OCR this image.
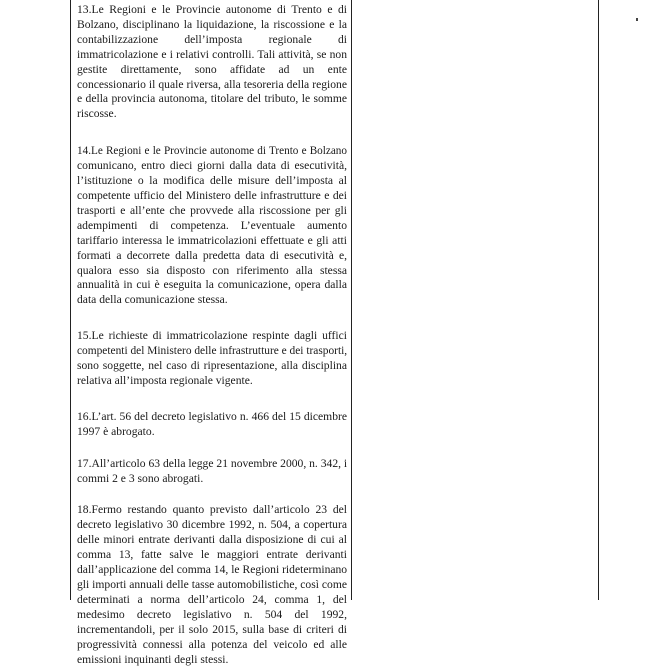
13.Le Regioni e le Provincie autonome di Trento e di
Bolzano, disciplinano la liquidazione, la riscossione e la
contabilizzazione dell’imposta regionale di
immatricolazione e i relativi controlli. Tali attività, se non
gestite direttamente, sono affidate ad un ente
concessionario il quale riversa, alla tesoreria della regione
e della provincia autonoma, titolare del tributo, le somme
riscosse.

14.Le Regioni e le Provincie autonome di Trento e Bolzano
comunicano, entro dieci giorni dalla data di esecutività,
l’istituzione o la modifica delle misure dell’imposta al
competente ufficio del Ministero delle infrastrutture e dei
trasporti e all’ente che provvede alla riscossione per gli
adempimenti di competenza. L’eventuale aumento
tariffario interessa le immatricolazioni effettuate e gli atti
formati a decorrete dalla predetta data di esecutività e,
qualora esso sia disposto con riferimento alla stessa
annualità in cui è eseguita la comunicazione, opera dalla
data della comunicazione stessa.

15.Le richieste di immatricolazione respinte dagli uffici
competenti del Ministero delle infrastrutture e dei trasporti,
sono soggette, nel caso di ripresentazione, alla disciplina
relativa all’imposta regionale vigente.

16.L’art. 56 del decreto legislativo n. 466 del 15 dicembre
1997 è abrogato.

17.All’articolo 63 della legge 21 novembre 2000, n. 342, i
commi 2 e 3 sono abrogati.

18.Fermo restando quanto previsto dall’articolo 23 del
decreto legislativo 30 dicembre 1992, n. 504, a copertura
delle minori entrate derivanti dalla disposizione di cui al
comma 13, fatte salve le maggiori entrate derivanti
dall’applicazione del comma 14, le Regioni rideterminano
gli importi annuali delle tasse automobilistiche, così come
determinati a norma dell’articolo 24, comma 1, del
medesimo decreto legislativo n. 504 del 1992,
incrementandoli, per il solo 2015, sulla base di criteri di
progressività connessi alla potenza del veicolo ed alle
emissioni inquinanti degli stessi.
